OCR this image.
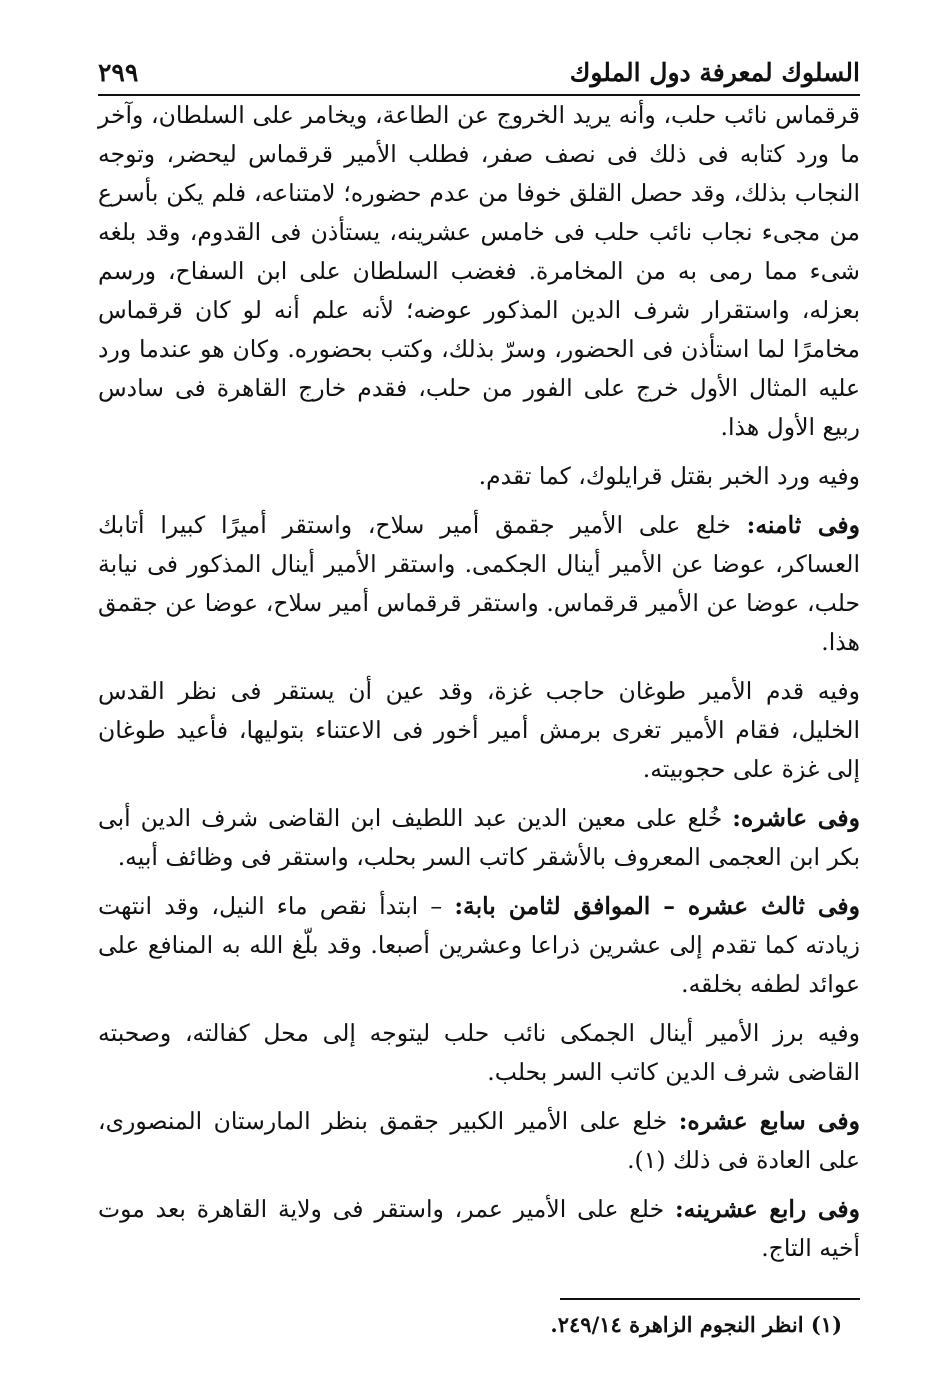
السلوك لمعرفة دول الملوك
٢٩٩

قرقماس نائب حلب، وأنه يريد الخروج عن الطاعة، ويخامر على السلطان، وآخر ما ورد كتابه فى ذلك فى نصف صفر، فطلب الأمير قرقماس ليحضر، وتوجه النجاب بذلك، وقد حصل القلق خوفا من عدم حضوره؛ لامتناعه، فلم يكن بأسرع من مجىء نجاب نائب حلب فى خامس عشرينه، يستأذن فى القدوم، وقد بلغه شىء مما رمى به من المخامرة. فغضب السلطان على ابن السفاح، ورسم بعزله، واستقرار شرف الدين المذكور عوضه؛ لأنه علم أنه لو كان قرقماس مخامرًا لما استأذن فى الحضور، وسرّ بذلك، وكتب بحضوره. وكان هو عندما ورد عليه المثال الأول خرج على الفور من حلب، فقدم خارج القاهرة فى سادس ربيع الأول هذا.

وفيه ورد الخبر بقتل قرايلوك، كما تقدم.

وفى ثامنه: خلع على الأمير جقمق أمير سلاح، واستقر أميرًا كبيرا أتابك العساكر، عوضا عن الأمير أينال الجكمى. واستقر الأمير أينال المذكور فى نيابة حلب، عوضا عن الأمير قرقماس. واستقر قرقماس أمير سلاح، عوضا عن جقمق هذا.

وفيه قدم الأمير طوغان حاجب غزة، وقد عين أن يستقر فى نظر القدس الخليل، فقام الأمير تغرى برمش أمير أخور فى الاعتناء بتوليها، فأعيد طوغان إلى غزة على حجوبيته.

وفى عاشره: خُلع على معين الدين عبد اللطيف ابن القاضى شرف الدين أبى بكر ابن العجمى المعروف بالأشقر كاتب السر بحلب، واستقر فى وظائف أبيه.

وفى ثالث عشره – الموافق لثامن بابة: – ابتدأ نقص ماء النيل، وقد انتهت زيادته كما تقدم إلى عشرين ذراعا وعشرين أصبعا. وقد بلّغ الله به المنافع على عوائد لطفه بخلقه.

وفيه برز الأمير أينال الجمكى نائب حلب ليتوجه إلى محل كفالته، وصحبته القاضى شرف الدين كاتب السر بحلب.

وفى سابع عشره: خلع على الأمير الكبير جقمق بنظر المارستان المنصورى، على العادة فى ذلك (١).

وفى رابع عشرينه: خلع على الأمير عمر، واستقر فى ولاية القاهرة بعد موت أخيه التاج.

(١) انظر النجوم الزاهرة ٢٤٩/١٤.
